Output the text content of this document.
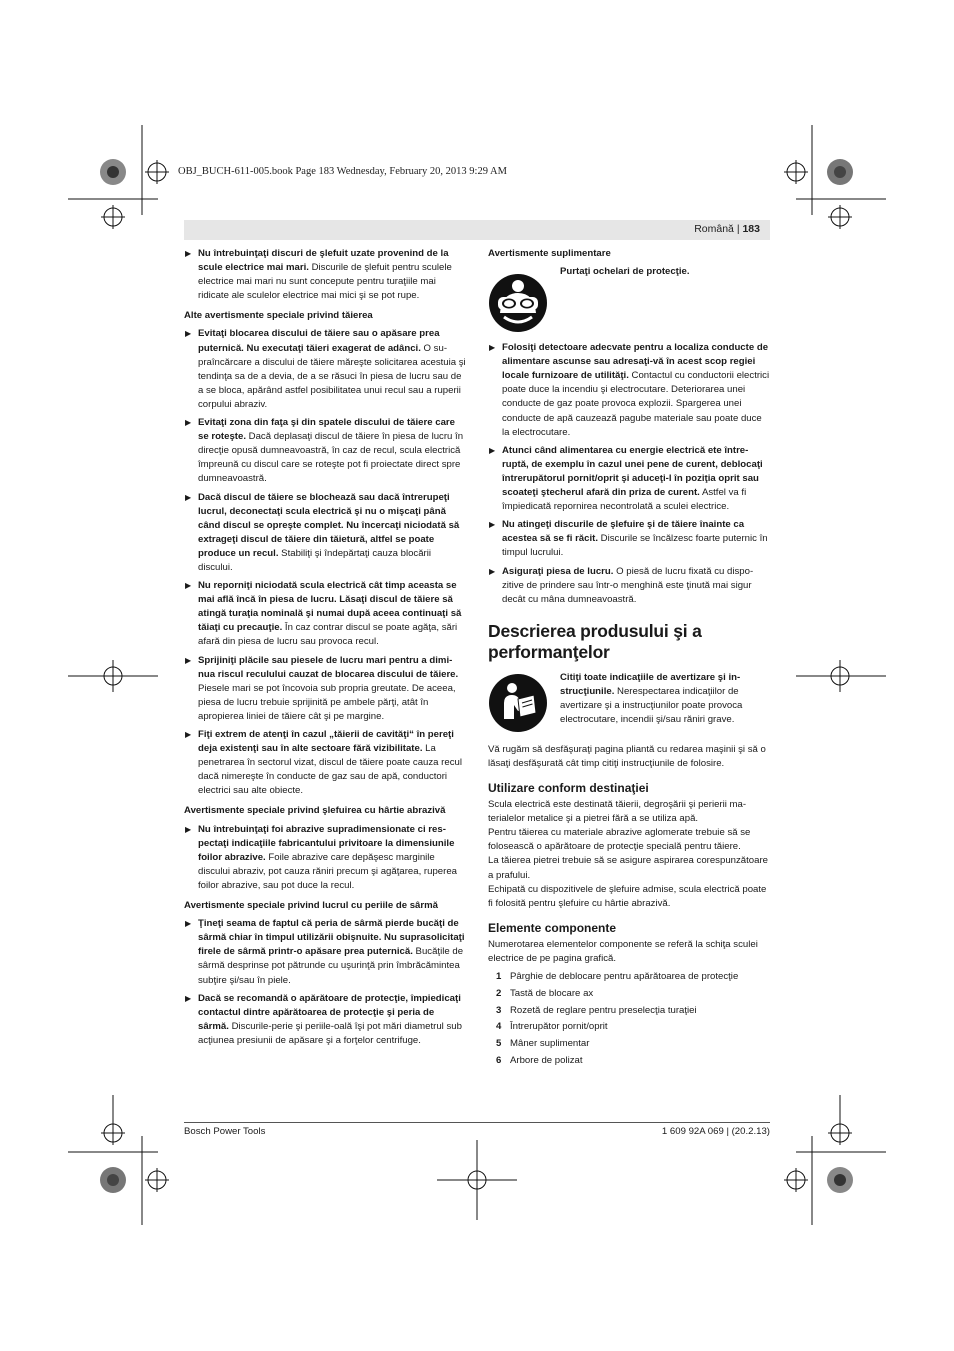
OBJ_BUCH-611-005.book Page 183 Wednesday, February 20, 2013 9:29 AM
Română | 183
▶ Nu întrebuinţaţi discuri de şlefuit uzate provenind de la scule electrice mai mari. Discurile de şlefuit pentru sculele electrice mai mari nu sunt concepute pentru turaţiile mai ridicate ale sculelor electrice mai mici şi se pot rupe.
Alte avertismente speciale privind tăierea
▶ Evitaţi blocarea discului de tăiere sau o apăsare prea puternică. Nu executaţi tăieri exagerat de adânci. O supraîncărcare a discului de tăiere măreşte solicitarea acestuia şi tendinţa sa de a devia, de a se răsuci în piesa de lucru sau de a se bloca, apărând astfel posibilitatea unui recul sau a ruperii corpului abraziv.
▶ Evitaţi zona din faţa şi din spatele discului de tăiere care se roteşte. Dacă deplasaţi discul de tăiere în piesa de lucru în direcţie opusă dumneavoastră, în caz de recul, scula electrică împreună cu discul care se roteşte pot fi proiectate direct spre dumneavoastră.
▶ Dacă discul de tăiere se blochează sau dacă întrerupeţi lucrul, deconectaţi scula electrică şi nu o mişcaţi până când discul se opreşte complet. Nu încercaţi niciodată să extrageţi discul de tăiere din tăietură, altfel se poate produce un recul. Stabiliţi şi îndepărtaţi cauza blocării discului.
▶ Nu reporniţi niciodată scula electrică cât timp aceasta se mai află încă în piesa de lucru. Lăsaţi discul de tăiere să atingă turaţia nominală şi numai după aceea continuaţi să tăiaţi cu precauţie. În caz contrar discul se poate agăţa, sări afară din piesa de lucru sau provoca recul.
▶ Sprijiniţi plăcile sau piesele de lucru mari pentru a diminua riscul reculului cauzat de blocarea discului de tăiere. Piesele mari se pot încovoia sub propria greutate. De aceea, piesa de lucru trebuie sprijinită pe ambele părţi, atât în apropierea liniei de tăiere cât şi pe margine.
▶ Fiţi extrem de atenţi în cazul „tăierii de cavităţi“ în pereţi deja existenţi sau în alte sectoare fără vizibilitate. La penetrarea în sectorul vizat, discul de tăiere poate cauza recul dacă nimereşte în conducte de gaz sau de apă, conductori electrici sau alte obiecte.
Avertismente speciale privind şlefuirea cu hârtie abrazivă
▶ Nu întrebuinţaţi foi abrazive supradimensionate ci respectaţi indicaţiile fabricantului privitoare la dimensiunile foilor abrazive. Foile abrazive care depăşesc marginile discului abraziv, pot cauza răniri precum şi agăţarea, ruperea foilor abrazive, sau pot duce la recul.
Avertismente speciale privind lucrul cu periile de sârmă
▶ Ţineţi seama de faptul că peria de sârmă pierde bucăţi de sârmă chiar în timpul utilizării obişnuite. Nu suprasolicitaţi firele de sârmă printr-o apăsare prea puternică. Bucăţile de sârmă desprinse pot pătrunde cu uşurinţă prin îmbrăcămintea subţire şi/sau în piele.
▶ Dacă se recomandă o apărătoare de protecţie, împiedicaţi contactul dintre apărătoarea de protecţie şi peria de sârmă. Discurile-perie şi periile-oală îşi pot mări diametrul sub acţiunea presiunii de apăsare şi a forţelor centrifuge.
Avertismente suplimentare
Purtaţi ochelari de protecţie.
▶ Folosiţi detectoare adecvate pentru a localiza conducte de alimentare ascunse sau adresaţi-vă în acest scop regiei locale furnizoare de utilităţi. Contactul cu conductorii electrici poate duce la incendiu şi electrocutare. Deteriorarea unei conducte de gaz poate provoca explozii. Spargerea unei conducte de apă cauzează pagube materiale sau poate duce la electrocutare.
▶ Atunci când alimentarea cu energie electrică ete întreruptă, de exemplu în cazul unei pene de curent, deblocaţi întrerupătorul pornit/oprit şi aduceţi-l în poziţia oprit sau scoateţi ştecherul afară din priza de curent. Astfel va fi împiedicată repornirea necontrolată a sculei electrice.
▶ Nu atingeţi discurile de şlefuire şi de tăiere înainte ca acestea să se fi răcit. Discurile se încălzesc foarte puternic în timpul lucrului.
▶ Asiguraţi piesa de lucru. O piesă de lucru fixată cu dispozitive de prindere sau într-o menghină este ţinută mai sigur decât cu mâna dumneavoastră.
Descrierea produsului şi a performanţelor
Citiţi toate indicaţiile de avertizare şi instrucţiunile. Nerespectarea indicaţiilor de avertizare şi a instrucţiunilor poate provoca electrocutare, incendii şi/sau răniri grave.

Vă rugăm să desfăşuraţi pagina pliantă cu redarea maşinii şi să o lăsaţi desfăşurată cât timp citiţi instrucţiunile de folosire.

Utilizare conform destinaţiei

Scula electrică este destinată tăierii, degroşării şi perierii materialelor metalice şi a pietrei fără a se utiliza apă.

Pentru tăierea cu materiale abrazive aglomerate trebuie să se folosească o apărătoare de protecţie specială pentru tăiere.

La tăierea pietrei trebuie să se asigure aspirarea corespunzătoare a prafului.

Echipată cu dispozitivele de şlefuire admise, scula electrică poate fi folosită pentru şlefuire cu hârtie abrazivă.

Elemente componente

Numerotarea elementelor componente se referă la schiţa sculei electrice de pe pagina grafică.

1 Pârghie de deblocare pentru apărătoarea de protecţie
2 Tastă de blocare ax
3 Rozetă de reglare pentru preselecţia turaţiei
4 Întrerupător pornit/oprit
5 Mâner suplimentar
6 Arbore de polizat
Bosch Power Tools	1 609 92A 069 | (20.2.13)
